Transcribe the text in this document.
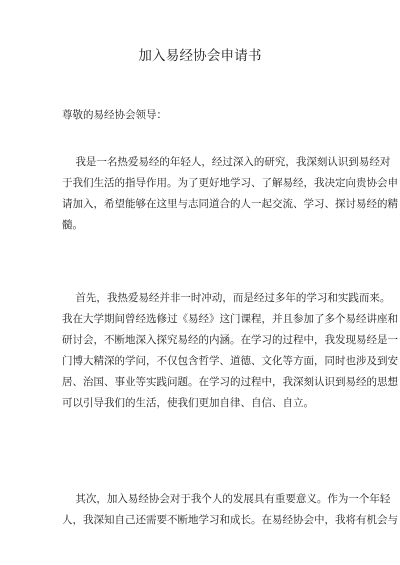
加入易经协会申请书
尊敬的易经协会领导：
我是一名热爱易经的年轻人，经过深入的研究，我深刻认识到易经对
于我们生活的指导作用。为了更好地学习、了解易经，我决定向贵协会申
请加入，希望能够在这里与志同道合的人一起交流、学习、探讨易经的精
髓。
首先，我热爱易经并非一时冲动，而是经过多年的学习和实践而来。
我在大学期间曾经选修过《易经》这门课程，并且参加了多个易经讲座和
研讨会，不断地深入探究易经的内涵。在学习的过程中，我发现易经是一
门博大精深的学问，不仅包含哲学、道德、文化等方面，同时也涉及到安
居、治国、事业等实践问题。在学习的过程中，我深刻认识到易经的思想
可以引导我们的生活，使我们更加自律、自信、自立。
其次，加入易经协会对于我个人的发展具有重要意义。作为一个年轻
人，我深知自己还需要不断地学习和成长。在易经协会中，我将有机会与
